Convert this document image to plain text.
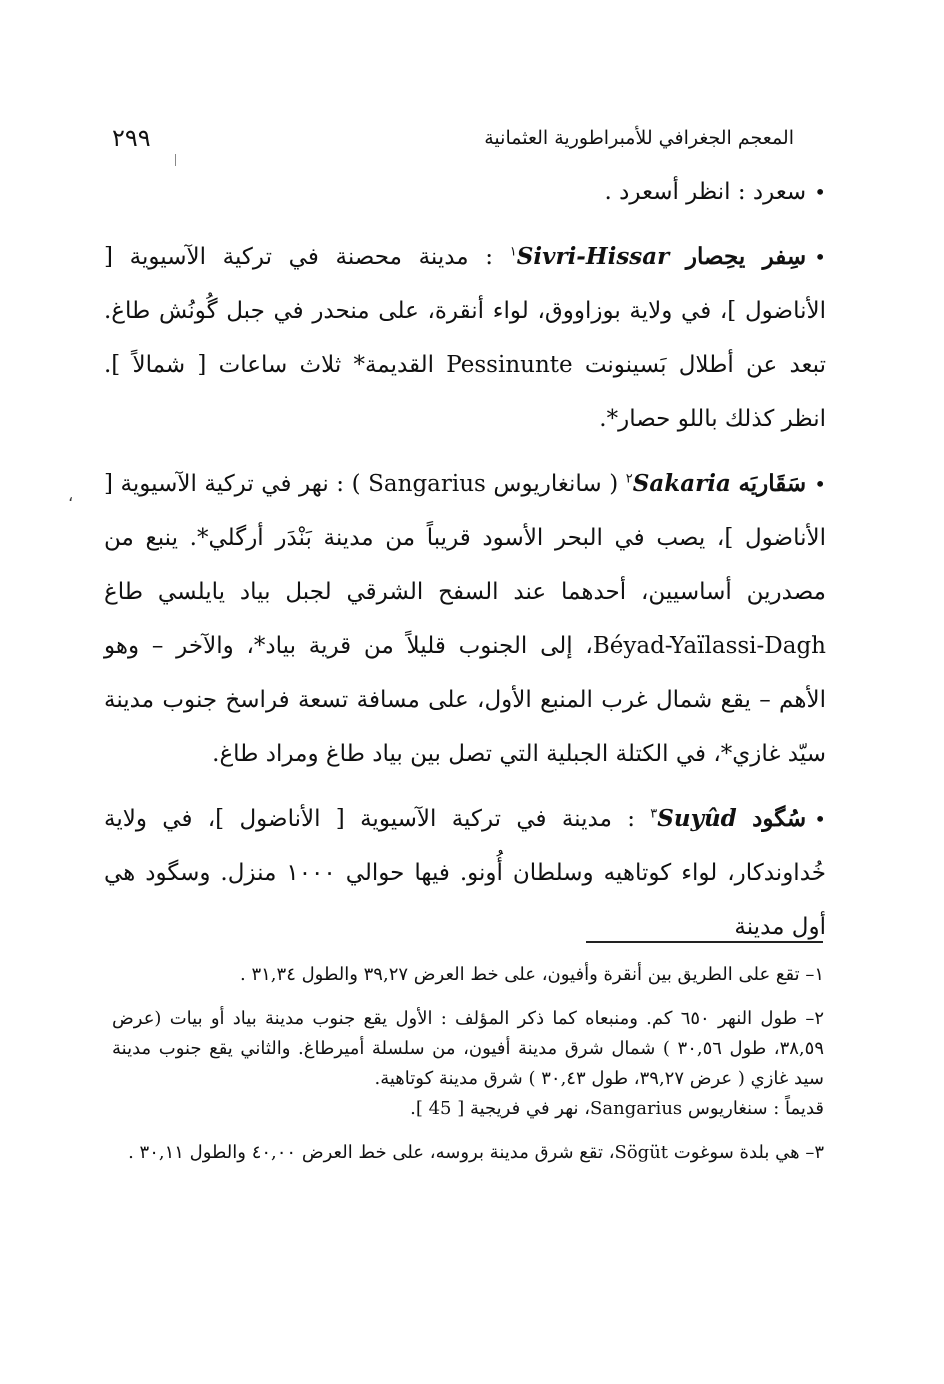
٢٩٩	المعجم الجغرافي للأمبراطورية العثمانية

•سعرد : انظر أسعرد .

•سِفر يحِصار Sivri-Hissar$^١$ : مدينة محصنة في تركية الآسيوية [ الأناضول ]، في ولاية بوزاووق، لواء أنقرة، على منحدر في جبل گُونُش طاغ. تبعد عن أطلال بَسينونت Pessinunte القديمة* ثلاث ساعات [ شمالاً ]. انظر كذلك باللو حصار*.

•سَقَاريَه Sakaria$^٢$ ( سانغاريوس Sangarius ) : نهر في تركية الآسيوية [ الأناضول ]، يصب في البحر الأسود قريباً من مدينة بَنْدَر أرگلي*. ينبع من مصدرين أساسيين، أحدهما عند السفح الشرقي لجبل بياد يايلسي طاغ Béyad-Yaïlassi-Dagh، إلى الجنوب قليلاً من قرية بياد*، والآخر – وهو الأهم – يقع شمال غرب المنبع الأول، على مسافة تسعة فراسخ جنوب مدينة سيّد غازي*، في الكتلة الجبلية التي تصل بين بياد طاغ ومراد طاغ.

•سُگود Suyûd$^٣$ : مدينة في تركية الآسيوية [ الأناضول ]، في ولاية خُداوندكار، لواء كوتاهيه وسلطان أُونو. فيها حوالي ١٠٠٠ منزل. وسگود هي أول مدينة

،

١– تقع على الطريق بين أنقرة وأفيون، على خط العرض ٣٩,٢٧ والطول ٣١,٣٤ .

٢– طول النهر ٦٥٠ كم. ومنبعاه كما ذكر المؤلف : الأول يقع جنوب مدينة بياد أو بيات (عرض ٣٨,٥٩، طول ٣٠,٥٦ ) شمال شرق مدينة أفيون، من سلسلة أميرطاغ. والثاني يقع جنوب مدينة سيد غازي ( عرض ٣٩,٢٧، طول ٣٠,٤٣ ) شرق مدينة كوتاهية.
قديماً : سنغاريوس Sangarius، نهر في فريجية [ 45 ].

٣– هي بلدة سوغوت Sögüt، تقع شرق مدينة بروسه، على خط العرض ٤٠,٠٠ والطول ٣٠,١١ .
